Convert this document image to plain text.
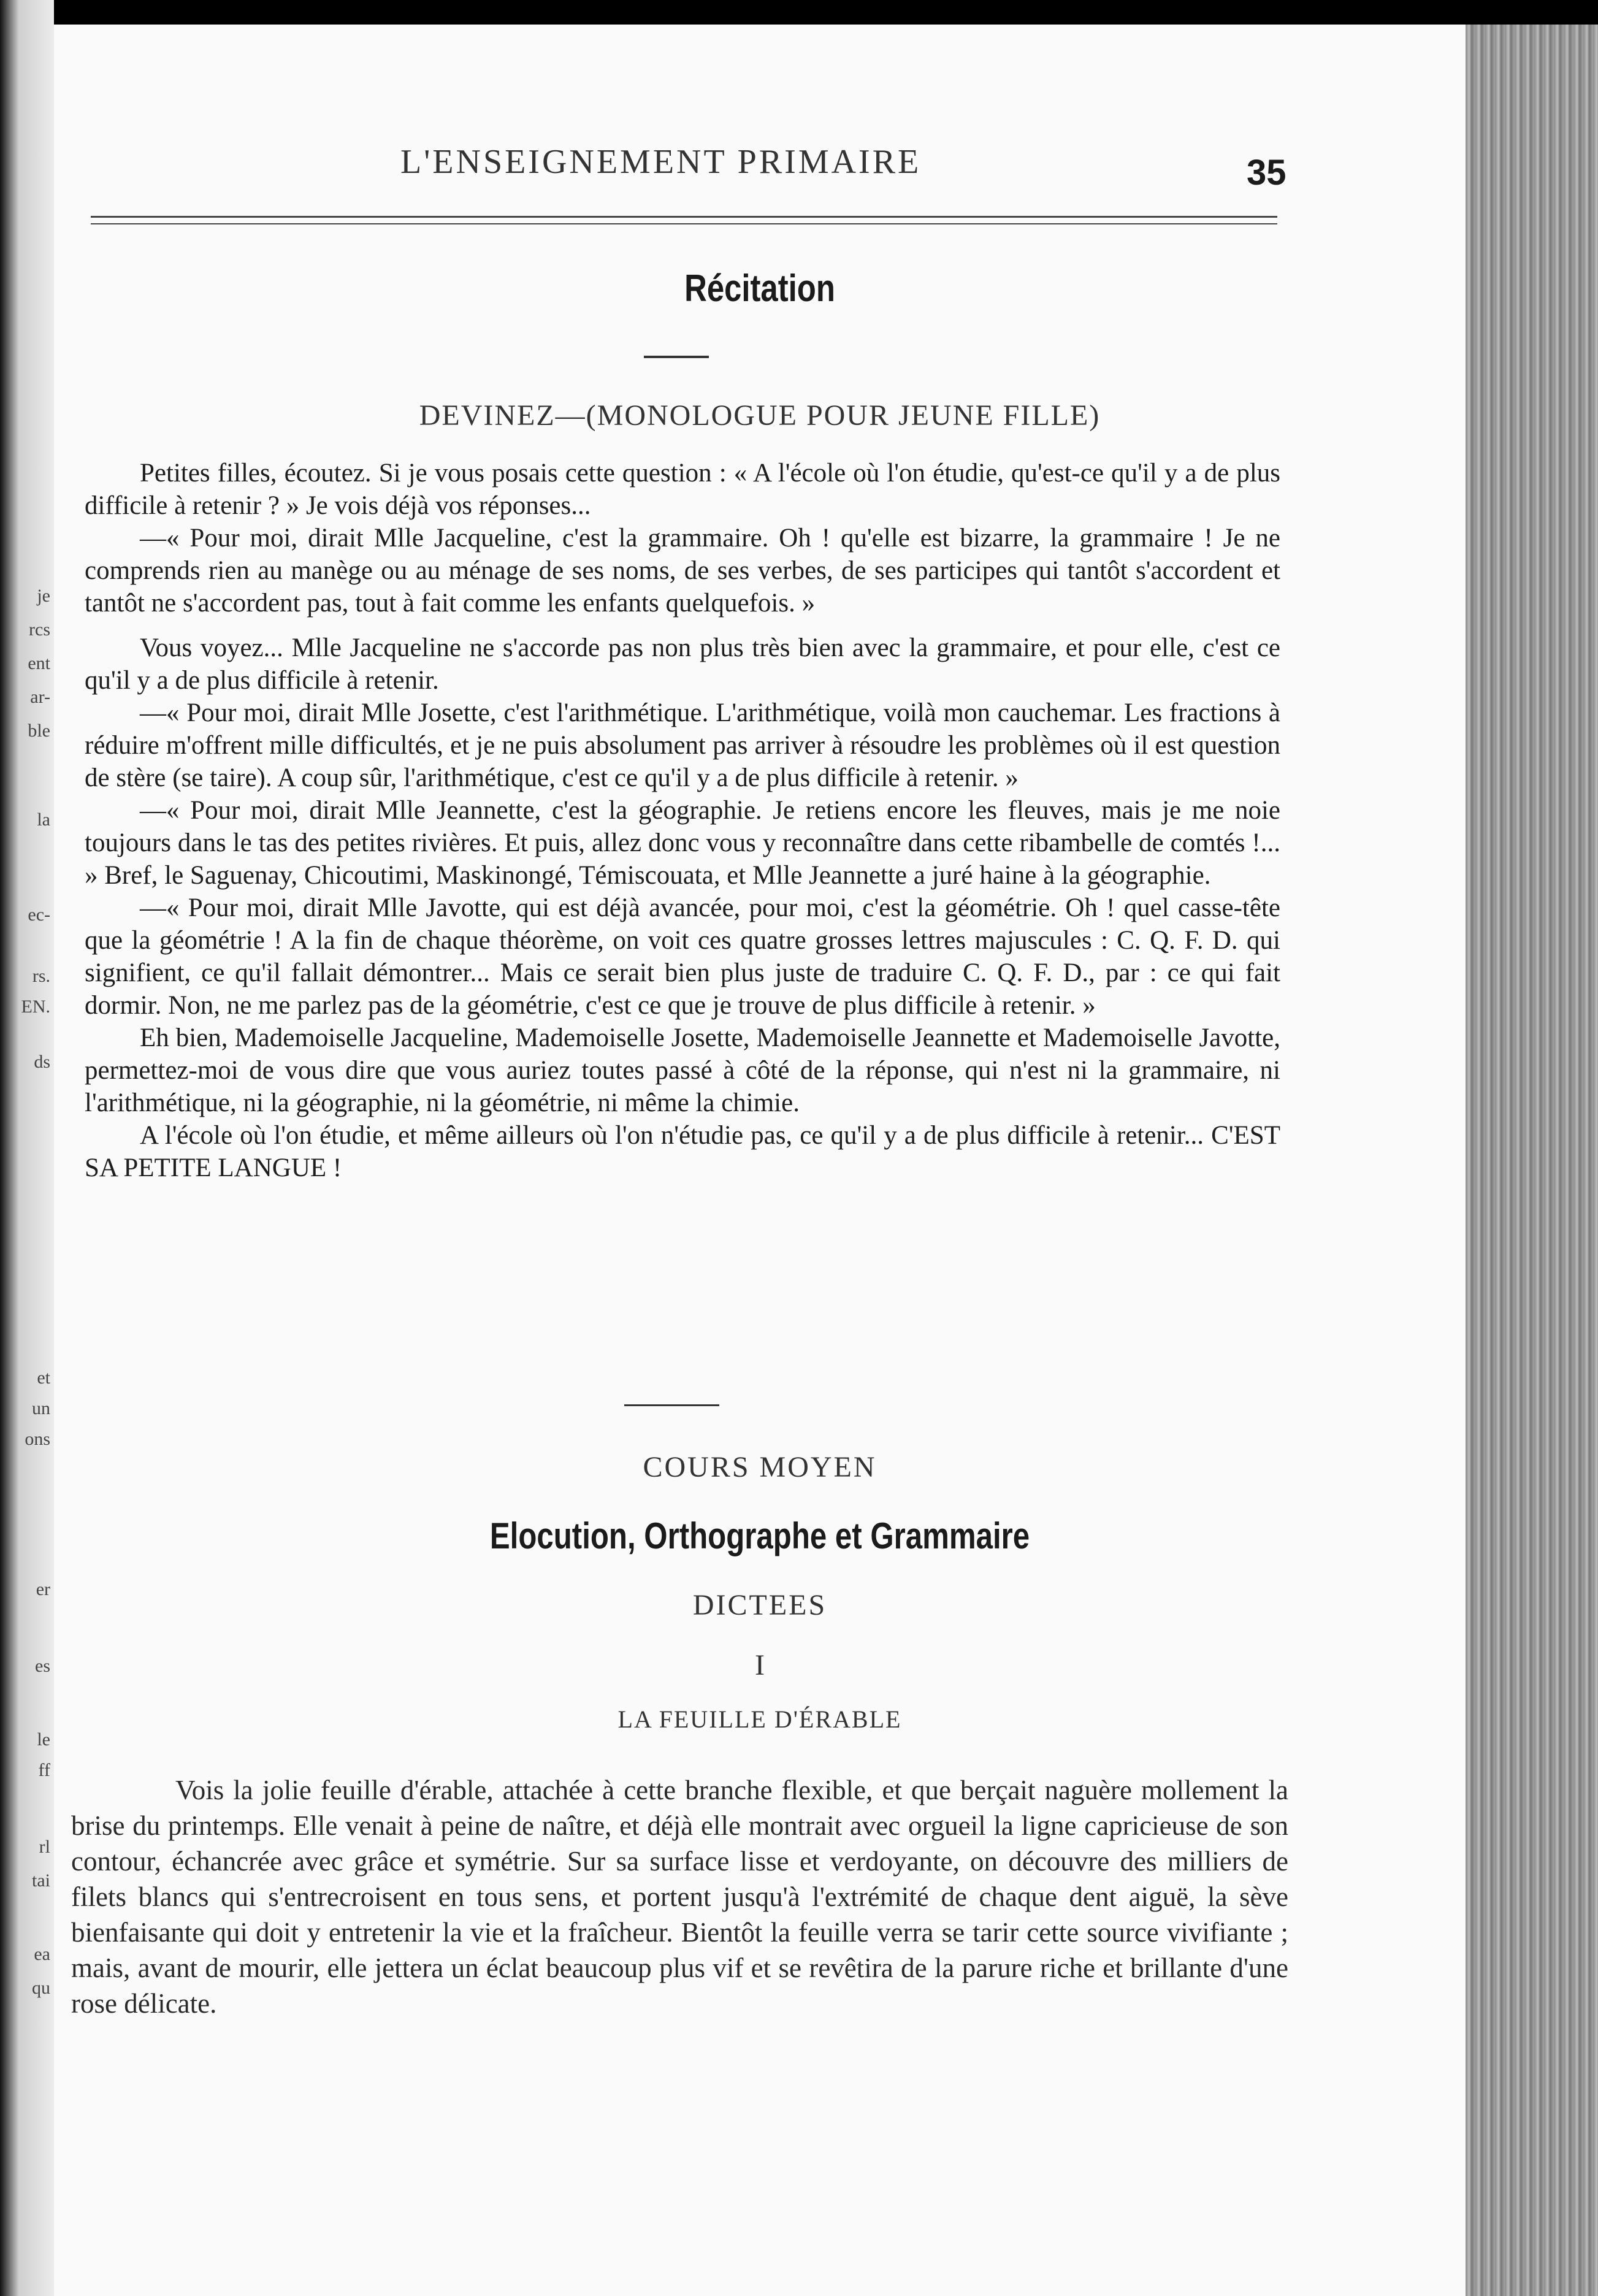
je
rcs
ent
ar-
ble
la
ec-
rs.
EN.
ds
et
un
ons
er
es
le
ff
rl
tai
ea
qu
L'ENSEIGNEMENT PRIMAIRE	35
Récitation
DEVINEZ—(MONOLOGUE POUR JEUNE FILLE)

Petites filles, écoutez. Si je vous posais cette question : « A l'école où l'on étudie, qu'est-ce qu'il y a de plus difficile à retenir ? » Je vois déjà vos réponses...

—« Pour moi, dirait Mlle Jacqueline, c'est la grammaire. Oh ! qu'elle est bizarre, la grammaire ! Je ne comprends rien au manège ou au ménage de ses noms, de ses verbes, de ses participes qui tantôt s'accordent et tantôt ne s'accordent pas, tout à fait comme les enfants quelquefois. »

Vous voyez... Mlle Jacqueline ne s'accorde pas non plus très bien avec la grammaire, et pour elle, c'est ce qu'il y a de plus difficile à retenir.

—« Pour moi, dirait Mlle Josette, c'est l'arithmétique. L'arithmétique, voilà mon cauchemar. Les fractions à réduire m'offrent mille difficultés, et je ne puis absolument pas arriver à résoudre les problèmes où il est question de stère (se taire). A coup sûr, l'arithmétique, c'est ce qu'il y a de plus difficile à retenir. »

—« Pour moi, dirait Mlle Jeannette, c'est la géographie. Je retiens encore les fleuves, mais je me noie toujours dans le tas des petites rivières. Et puis, allez donc vous y reconnaître dans cette ribambelle de comtés !... » Bref, le Saguenay, Chicoutimi, Maskinongé, Témiscouata, et Mlle Jeannette a juré haine à la géographie.

—« Pour moi, dirait Mlle Javotte, qui est déjà avancée, pour moi, c'est la géométrie. Oh ! quel casse-tête que la géométrie ! A la fin de chaque théorème, on voit ces quatre grosses lettres majuscules : C. Q. F. D. qui signifient, ce qu'il fallait démontrer... Mais ce serait bien plus juste de traduire C. Q. F. D., par : ce qui fait dormir. Non, ne me parlez pas de la géométrie, c'est ce que je trouve de plus difficile à retenir. »

Eh bien, Mademoiselle Jacqueline, Mademoiselle Josette, Mademoiselle Jeannette et Mademoiselle Javotte, permettez-moi de vous dire que vous auriez toutes passé à côté de la réponse, qui n'est ni la grammaire, ni l'arithmétique, ni la géographie, ni la géométrie, ni même la chimie.

A l'école où l'on étudie, et même ailleurs où l'on n'étudie pas, ce qu'il y a de plus difficile à retenir... C'EST SA PETITE LANGUE !

COURS MOYEN
Elocution, Orthographe et Grammaire
DICTEES
I
LA FEUILLE D'ÉRABLE

Vois la jolie feuille d'érable, attachée à cette branche flexible, et que berçait naguère mollement la brise du printemps. Elle venait à peine de naître, et déjà elle montrait avec orgueil la ligne capricieuse de son contour, échancrée avec grâce et symétrie. Sur sa surface lisse et verdoyante, on découvre des milliers de filets blancs qui s'entrecroisent en tous sens, et portent jusqu'à l'extrémité de chaque dent aiguë, la sève bienfaisante qui doit y entretenir la vie et la fraîcheur. Bientôt la feuille verra se tarir cette source vivifiante ; mais, avant de mourir, elle jettera un éclat beaucoup plus vif et se revêtira de la parure riche et brillante d'une rose délicate.
